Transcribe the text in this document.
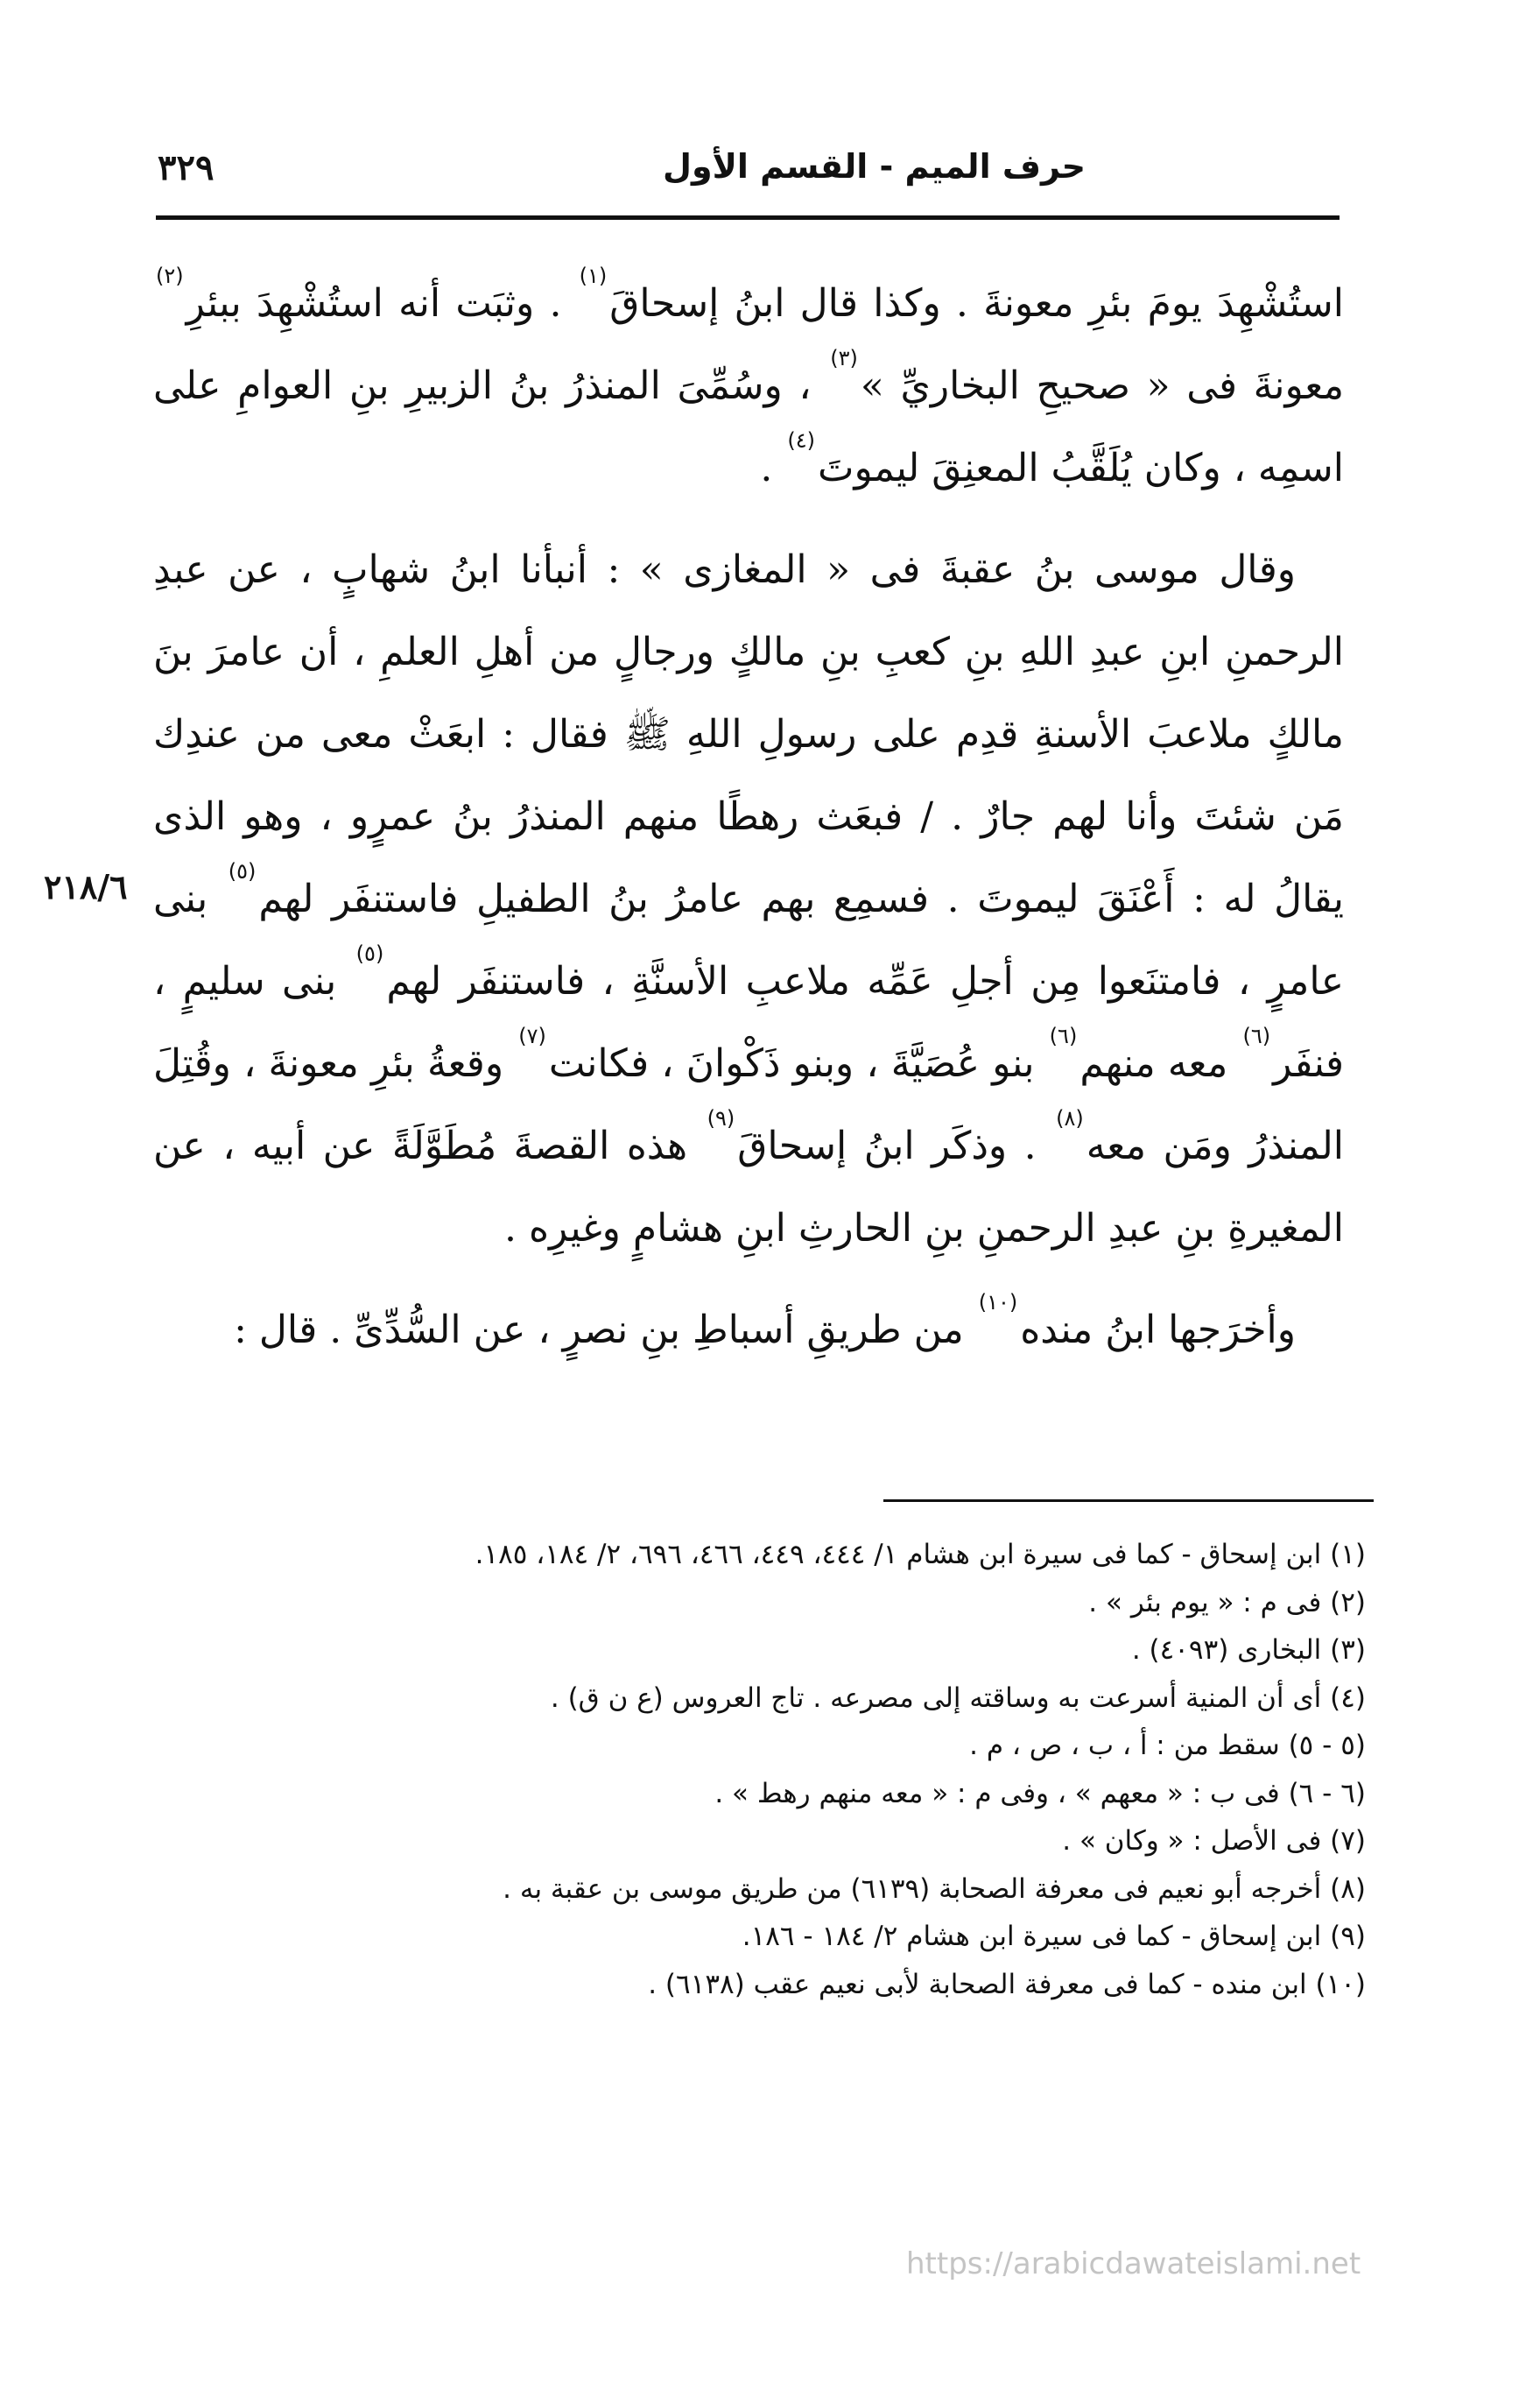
٣٢٩	حرف الميم - القسم الأول
٢١٨/٦

استُشْهِدَ يومَ بئرِ معونةَ . وكذا قال ابنُ إسحاقَ$^{(١)}$ . وثبَت أنه استُشْهِدَ ببئرِ$^{(٢)}$ معونةَ فى « صحيحِ البخاريِّ »$^{(٣)}$ ، وسُمِّىَ المنذرُ بنُ الزبيرِ بنِ العوامِ على اسمِه ، وكان يُلَقَّبُ المعنِقَ ليموتَ$^{(٤)}$ .

وقال موسى بنُ عقبةَ فى « المغازى » : أنبأنا ابنُ شهابٍ ، عن عبدِ الرحمنِ ابنِ عبدِ اللهِ بنِ كعبِ بنِ مالكٍ ورجالٍ من أهلِ العلمِ ، أن عامرَ بنَ مالكٍ ملاعبَ الأسنةِ قدِم على رسولِ اللهِ ﷺ فقال : ابعَثْ معى من عندِك مَن شئتَ وأنا لهم جارٌ . / فبعَث رهطًا منهم المنذرُ بنُ عمرٍو ، وهو الذى يقالُ له : أَعْنَقَ ليموتَ . فسمِع بهم عامرُ بنُ الطفيلِ فاستنفَر لهم$^{(٥)}$ بنى عامرٍ ، فامتنَعوا مِن أجلِ عَمِّه ملاعبِ الأسنَّةِ ، فاستنفَر لهم$^{(٥)}$ بنى سليمٍ ، فنفَر$^{(٦)}$ معه منهم$^{(٦)}$ بنو عُصَيَّةَ ، وبنو ذَكْوانَ ، فكانت$^{(٧)}$ وقعةُ بئرِ معونةَ ، وقُتِلَ المنذرُ ومَن معه$^{(٨)}$ . وذكَر ابنُ إسحاقَ$^{(٩)}$ هذه القصةَ مُطَوَّلَةً عن أبيه ، عن المغيرةِ بنِ عبدِ الرحمنِ بنِ الحارثِ ابنِ هشامٍ وغيرِه .

وأخرَجها ابنُ منده$^{(١٠)}$ من طريقِ أسباطِ بنِ نصرٍ ، عن السُّدِّىِّ . قال :

(١) ابن إسحاق - كما فى سيرة ابن هشام ١/ ٤٤٤، ٤٤٩، ٤٦٦، ٦٩٦، ٢/ ١٨٤، ١٨٥.
(٢) فى م : « يوم بئر » .
(٣) البخارى (٤٠٩٣) .
(٤) أى أن المنية أسرعت به وساقته إلى مصرعه . تاج العروس (ع ن ق) .
(٥ - ٥) سقط من : أ ، ب ، ص ، م .
(٦ - ٦) فى ب : « معهم » ، وفى م : « معه منهم رهط » .
(٧) فى الأصل : « وكان » .
(٨) أخرجه أبو نعيم فى معرفة الصحابة (٦١٣٩) من طريق موسى بن عقبة به .
(٩) ابن إسحاق - كما فى سيرة ابن هشام ٢/ ١٨٤ - ١٨٦.
(١٠) ابن منده - كما فى معرفة الصحابة لأبى نعيم عقب (٦١٣٨) .
https://arabicdawateislami.net
